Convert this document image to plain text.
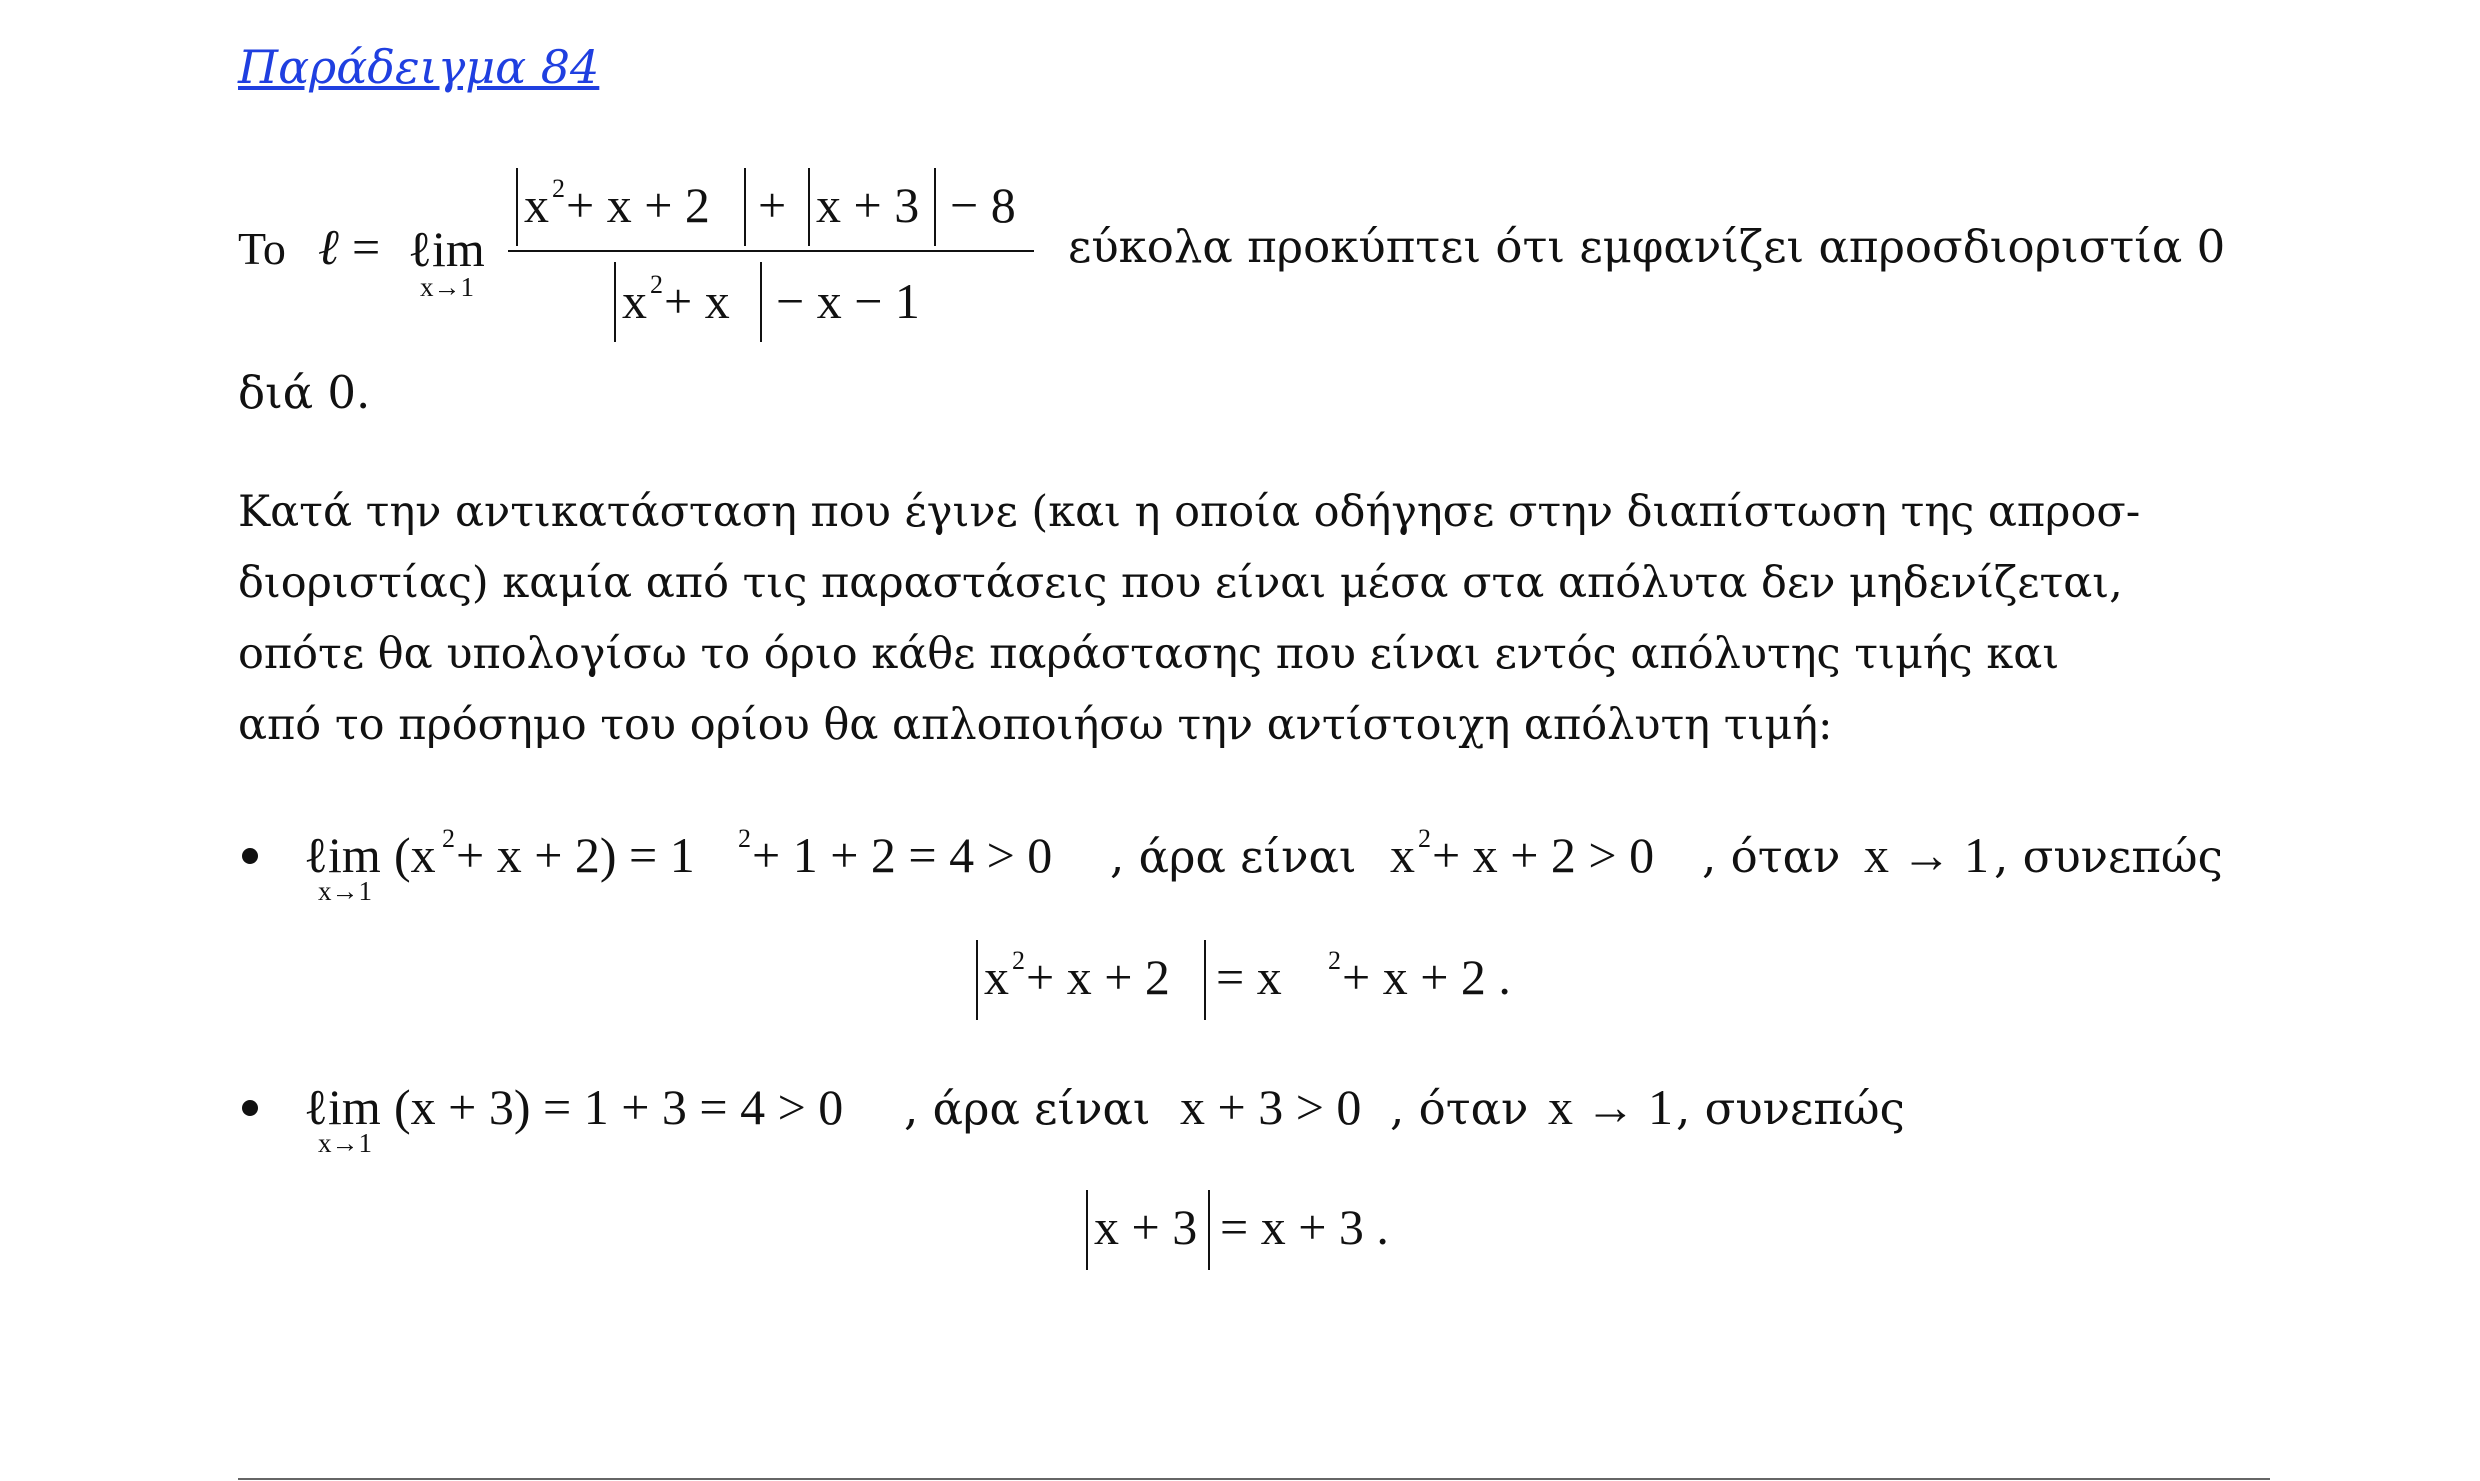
Παράδειγμα 84
Το ℓ = ℓim
x→1
x 2 + x + 2 + x + 3 − 8
x 2 + x − x − 1
εύκολα προκύπτει ότι εμφανίζει απροσδιοριστία 0
διά 0.
Κατά την αντικατάσταση που έγινε (και η οποία οδήγησε στην διαπίστωση της απροσ-
διοριστίας) καμία από τις παραστάσεις που είναι μέσα στα απόλυτα δεν μηδενίζεται,
οπότε θα υπολογίσω το όριο κάθε παράστασης που είναι εντός απόλυτης τιμής και
από το πρόσημο του ορίου θα απλοποιήσω την αντίστοιχη απόλυτη τιμή:
ℓim
x→1
(x 2 + x + 2) = 1 2 + 1 + 2 = 4 > 0 , άρα είναι x 2 + x + 2 > 0 , όταν x → 1 , συνεπώς
x 2 + x + 2 = x 2 + x + 2 .
ℓim
x→1
(x + 3) = 1 + 3 = 4 > 0 , άρα είναι x + 3 > 0 , όταν x → 1 , συνεπώς
x + 3 = x + 3 .
